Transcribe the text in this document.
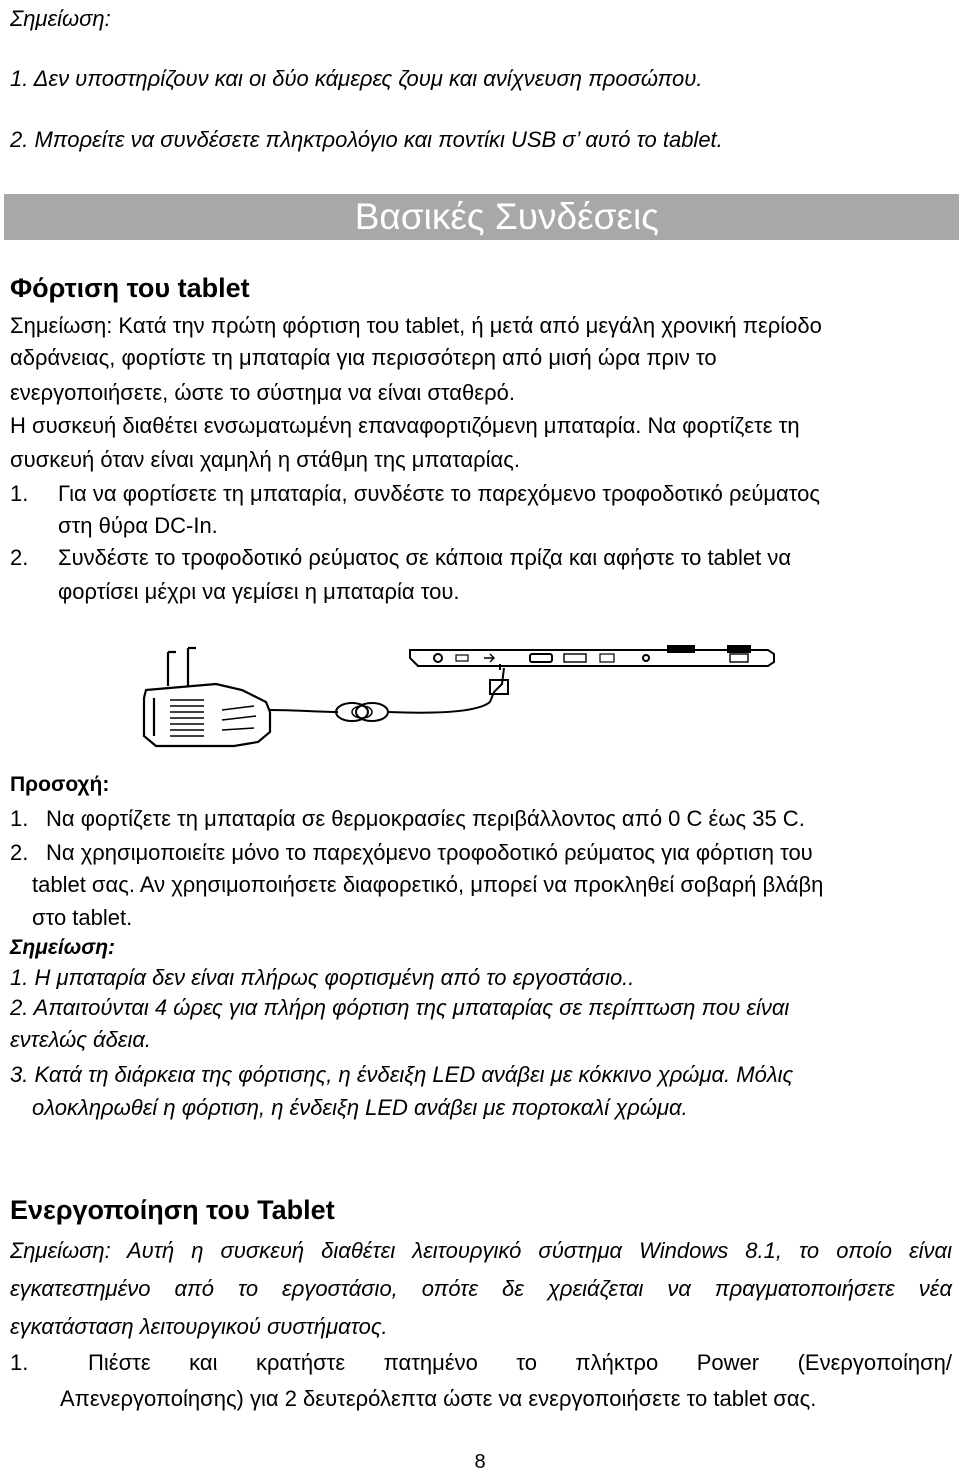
Σημείωση:
1. Δεν υποστηρίζουν και οι δύο κάμερες ζουμ και ανίχνευση προσώπου.
2. Μπορείτε να συνδέσετε πληκτρολόγιο και ποντίκι USB σ’ αυτό το tablet.
Βασικές Συνδέσεις
Φόρτιση του tablet
Σημείωση: Κατά την πρώτη φόρτιση του tablet, ή μετά από μεγάλη χρονική περίοδο
αδράνειας, φορτίστε τη μπαταρία για περισσότερη από μισή ώρα πριν το
ενεργοποιήσετε, ώστε το σύστημα να είναι σταθερό.
Η συσκευή διαθέτει ενσωματωμένη επαναφορτιζόμενη μπαταρία. Να φορτίζετε τη
συσκευή όταν είναι χαμηλή η στάθμη της μπαταρίας.
1. Για να φορτίσετε τη μπαταρία, συνδέστε το παρεχόμενο τροφοδοτικό ρεύματος
στη θύρα DC-In.
2. Συνδέστε το τροφοδοτικό ρεύματος σε κάποια πρίζα και αφήστε το tablet να
φορτίσει μέχρι να γεμίσει η μπαταρία του.
Προσοχή:
1. Να φορτίζετε τη μπαταρία σε θερμοκρασίες περιβάλλοντος από 0 C έως 35 C.
2. Να χρησιμοποιείτε μόνο το παρεχόμενο τροφοδοτικό ρεύματος για φόρτιση του
tablet σας. Αν χρησιμοποιήσετε διαφορετικό, μπορεί να προκληθεί σοβαρή βλάβη
στο tablet.
Σημείωση:
1. Η μπαταρία δεν είναι πλήρως φορτισμένη από το εργοστάσιο..
2. Απαιτούνται 4 ώρες για πλήρη φόρτιση της μπαταρίας σε περίπτωση που είναι
εντελώς άδεια.
3. Κατά τη διάρκεια της φόρτισης, η ένδειξη LED ανάβει με κόκκινο χρώμα. Μόλις
ολοκληρωθεί η φόρτιση, η ένδειξη LED ανάβει με πορτοκαλί χρώμα.
Ενεργοποίηση του Tablet
Σημείωση: Αυτή η συσκευή διαθέτει λειτουργικό σύστημα Windows 8.1, το οποίο είναι
εγκατεστημένο από το εργοστάσιο, οπότε δε χρειάζεται να πραγματοποιήσετε νέα
εγκατάσταση λειτουργικού συστήματος.
1.	Πιέστε και κρατήστε πατημένο το πλήκτρο Power (Ενεργοποίηση/
Απενεργοποίησης) για 2 δευτερόλεπτα ώστε να ενεργοποιήσετε το tablet σας.
8
